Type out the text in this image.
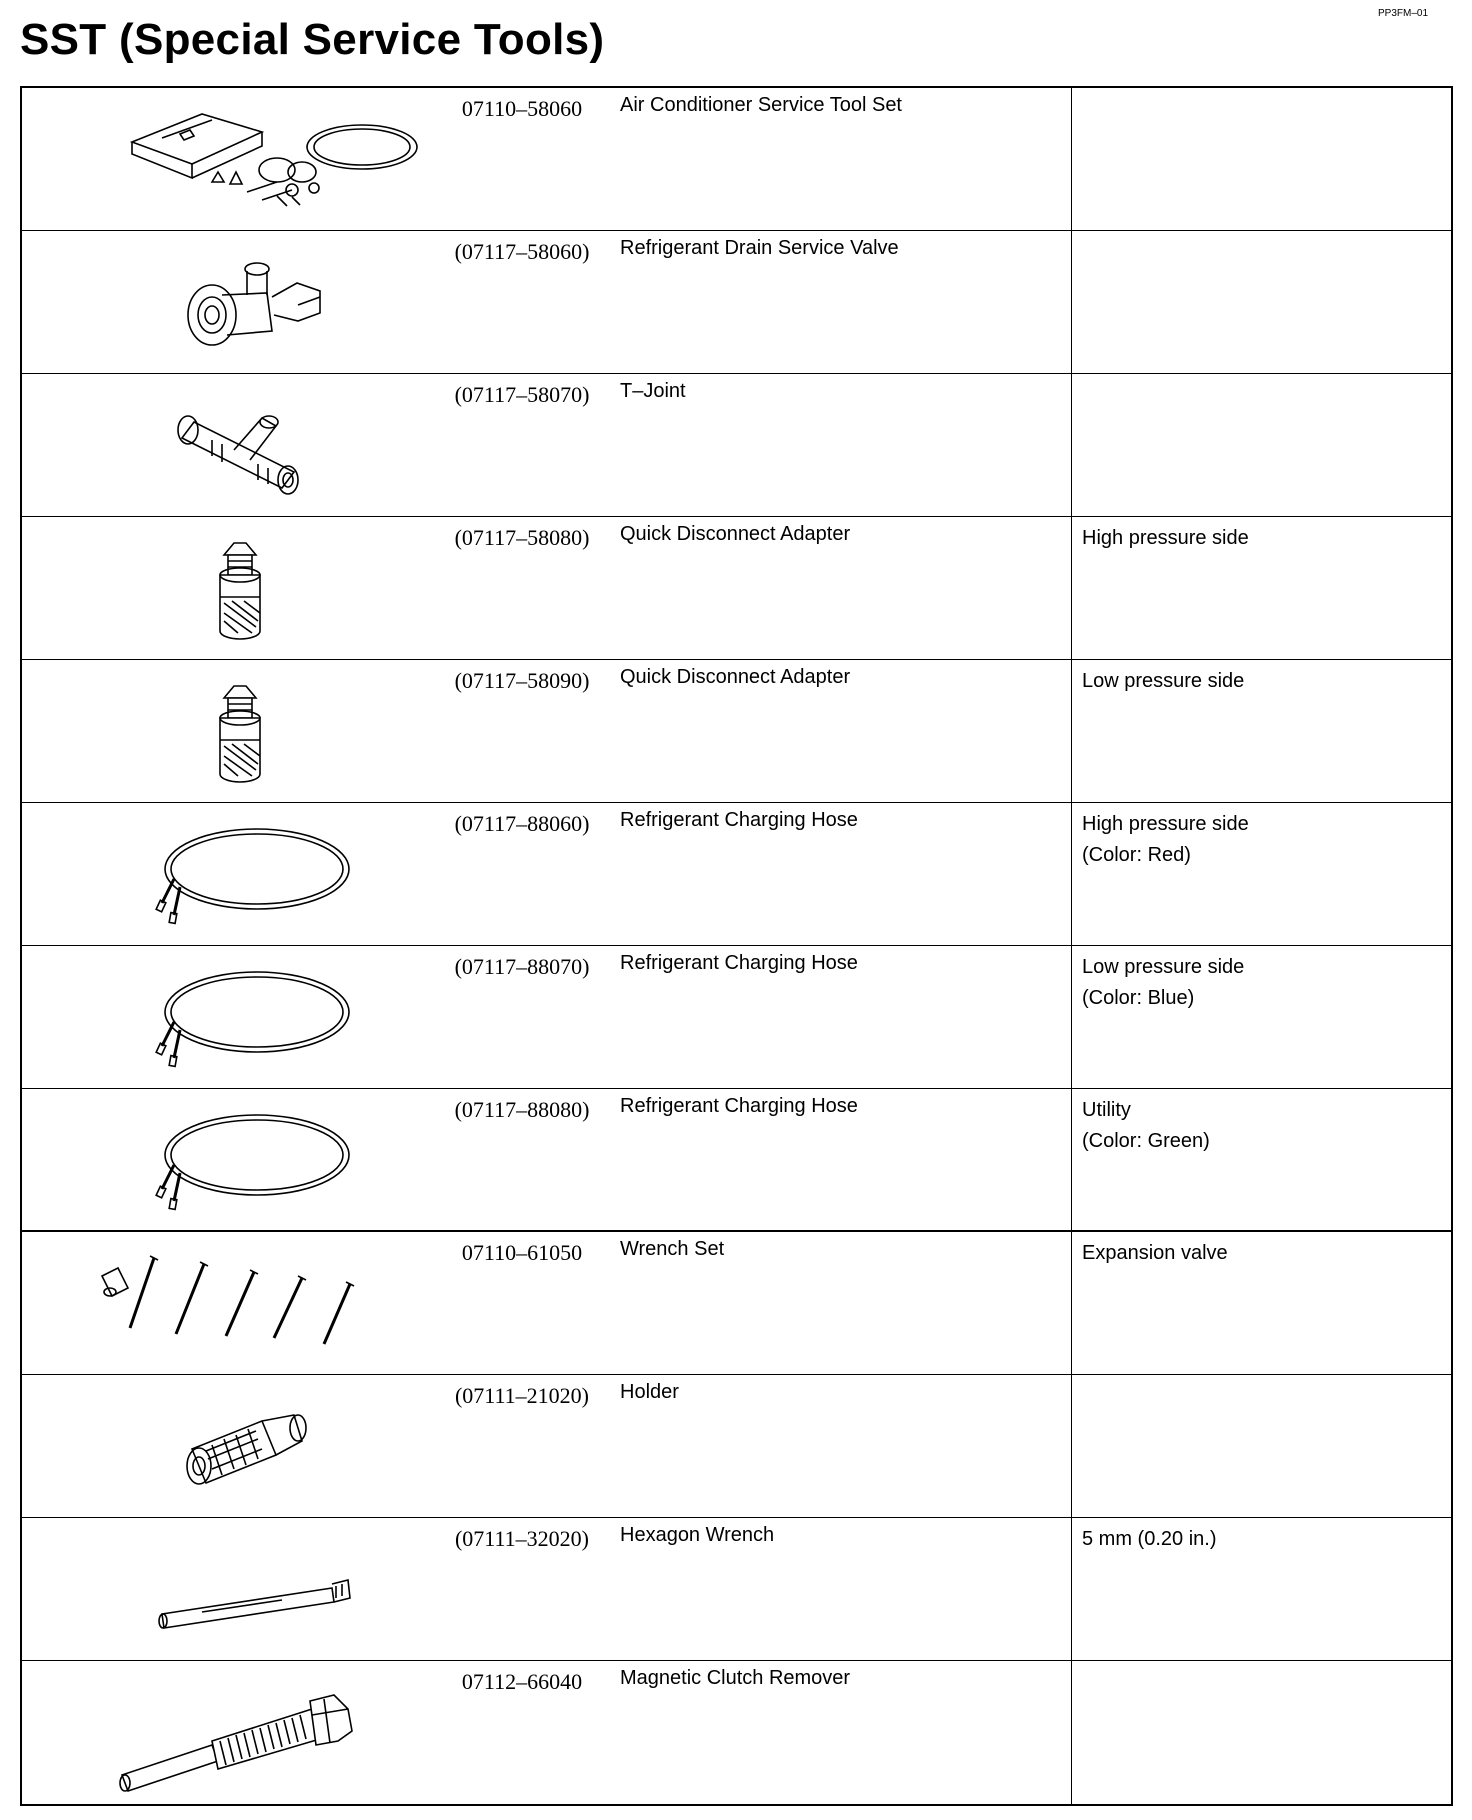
SST (Special Service Tools)
PP3FM–01
07110–58060	Air Conditioner Service Tool Set
(07117–58060)	Refrigerant Drain Service Valve
(07117–58070)	T–Joint
(07117–58080)	Quick Disconnect Adapter	High pressure side
(07117–58090)	Quick Disconnect Adapter	Low pressure side
(07117–88060)	Refrigerant Charging Hose	High pressure side
(Color: Red)
(07117–88070)	Refrigerant Charging Hose	Low pressure side
(Color: Blue)
(07117–88080)	Refrigerant Charging Hose	Utility
(Color: Green)
07110–61050	Wrench Set	Expansion valve
(07111–21020)	Holder
(07111–32020)	Hexagon Wrench	5 mm (0.20 in.)
07112–66040	Magnetic Clutch Remover
